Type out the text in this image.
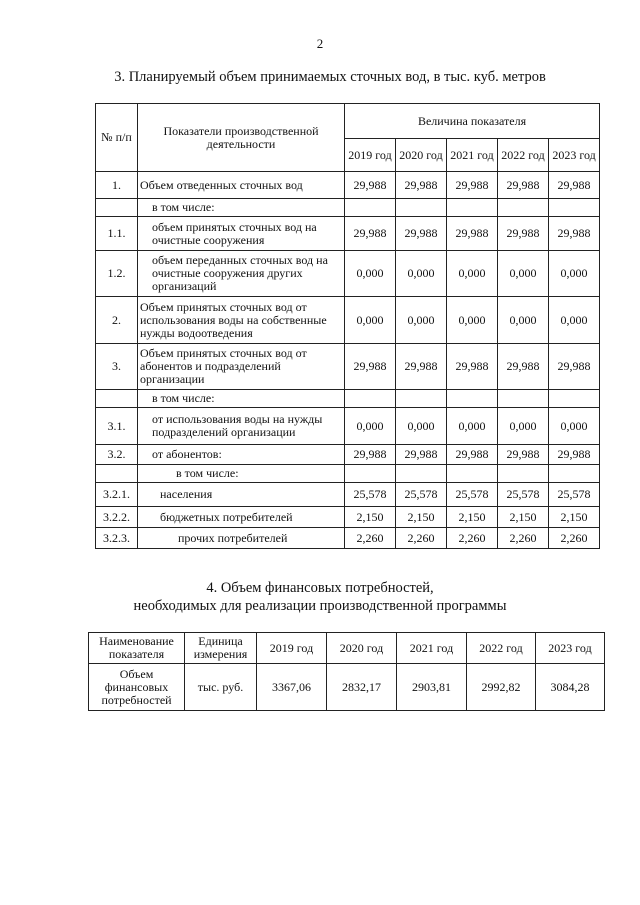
2
3. Планируемый объем принимаемых сточных вод, в тыс. куб. метров
№ п/п	Показатели производственной деятельности	Величина показателя				
		2019 год	2020 год	2021 год	2022 год	2023 год
1.	Объем отведенных сточных вод	29,988	29,988	29,988	29,988	29,988
	в том числе:					
1.1.	объем принятых сточных вод на очистные сооружения	29,988	29,988	29,988	29,988	29,988
1.2.	объем переданных сточных вод на очистные сооружения других организаций	0,000	0,000	0,000	0,000	0,000
2.	Объем принятых сточных вод от использования воды на собственные нужды водоотведения	0,000	0,000	0,000	0,000	0,000
3.	Объем принятых сточных вод от абонентов и подразделений организации	29,988	29,988	29,988	29,988	29,988
	в том числе:					
3.1.	от использования воды на нужды подразделений организации	0,000	0,000	0,000	0,000	0,000
3.2.	от абонентов:	29,988	29,988	29,988	29,988	29,988
	в том числе:					
3.2.1.	населения	25,578	25,578	25,578	25,578	25,578
3.2.2.	бюджетных потребителей	2,150	2,150	2,150	2,150	2,150
3.2.3.	прочих потребителей	2,260	2,260	2,260	2,260	2,260
4. Объем финансовых потребностей,
необходимых для реализации производственной программы
Наименование показателя	Единица измерения	2019 год	2020 год	2021 год	2022 год	2023 год
Объем финансовых потребностей	тыс. руб.	3367,06	2832,17	2903,81	2992,82	3084,28
